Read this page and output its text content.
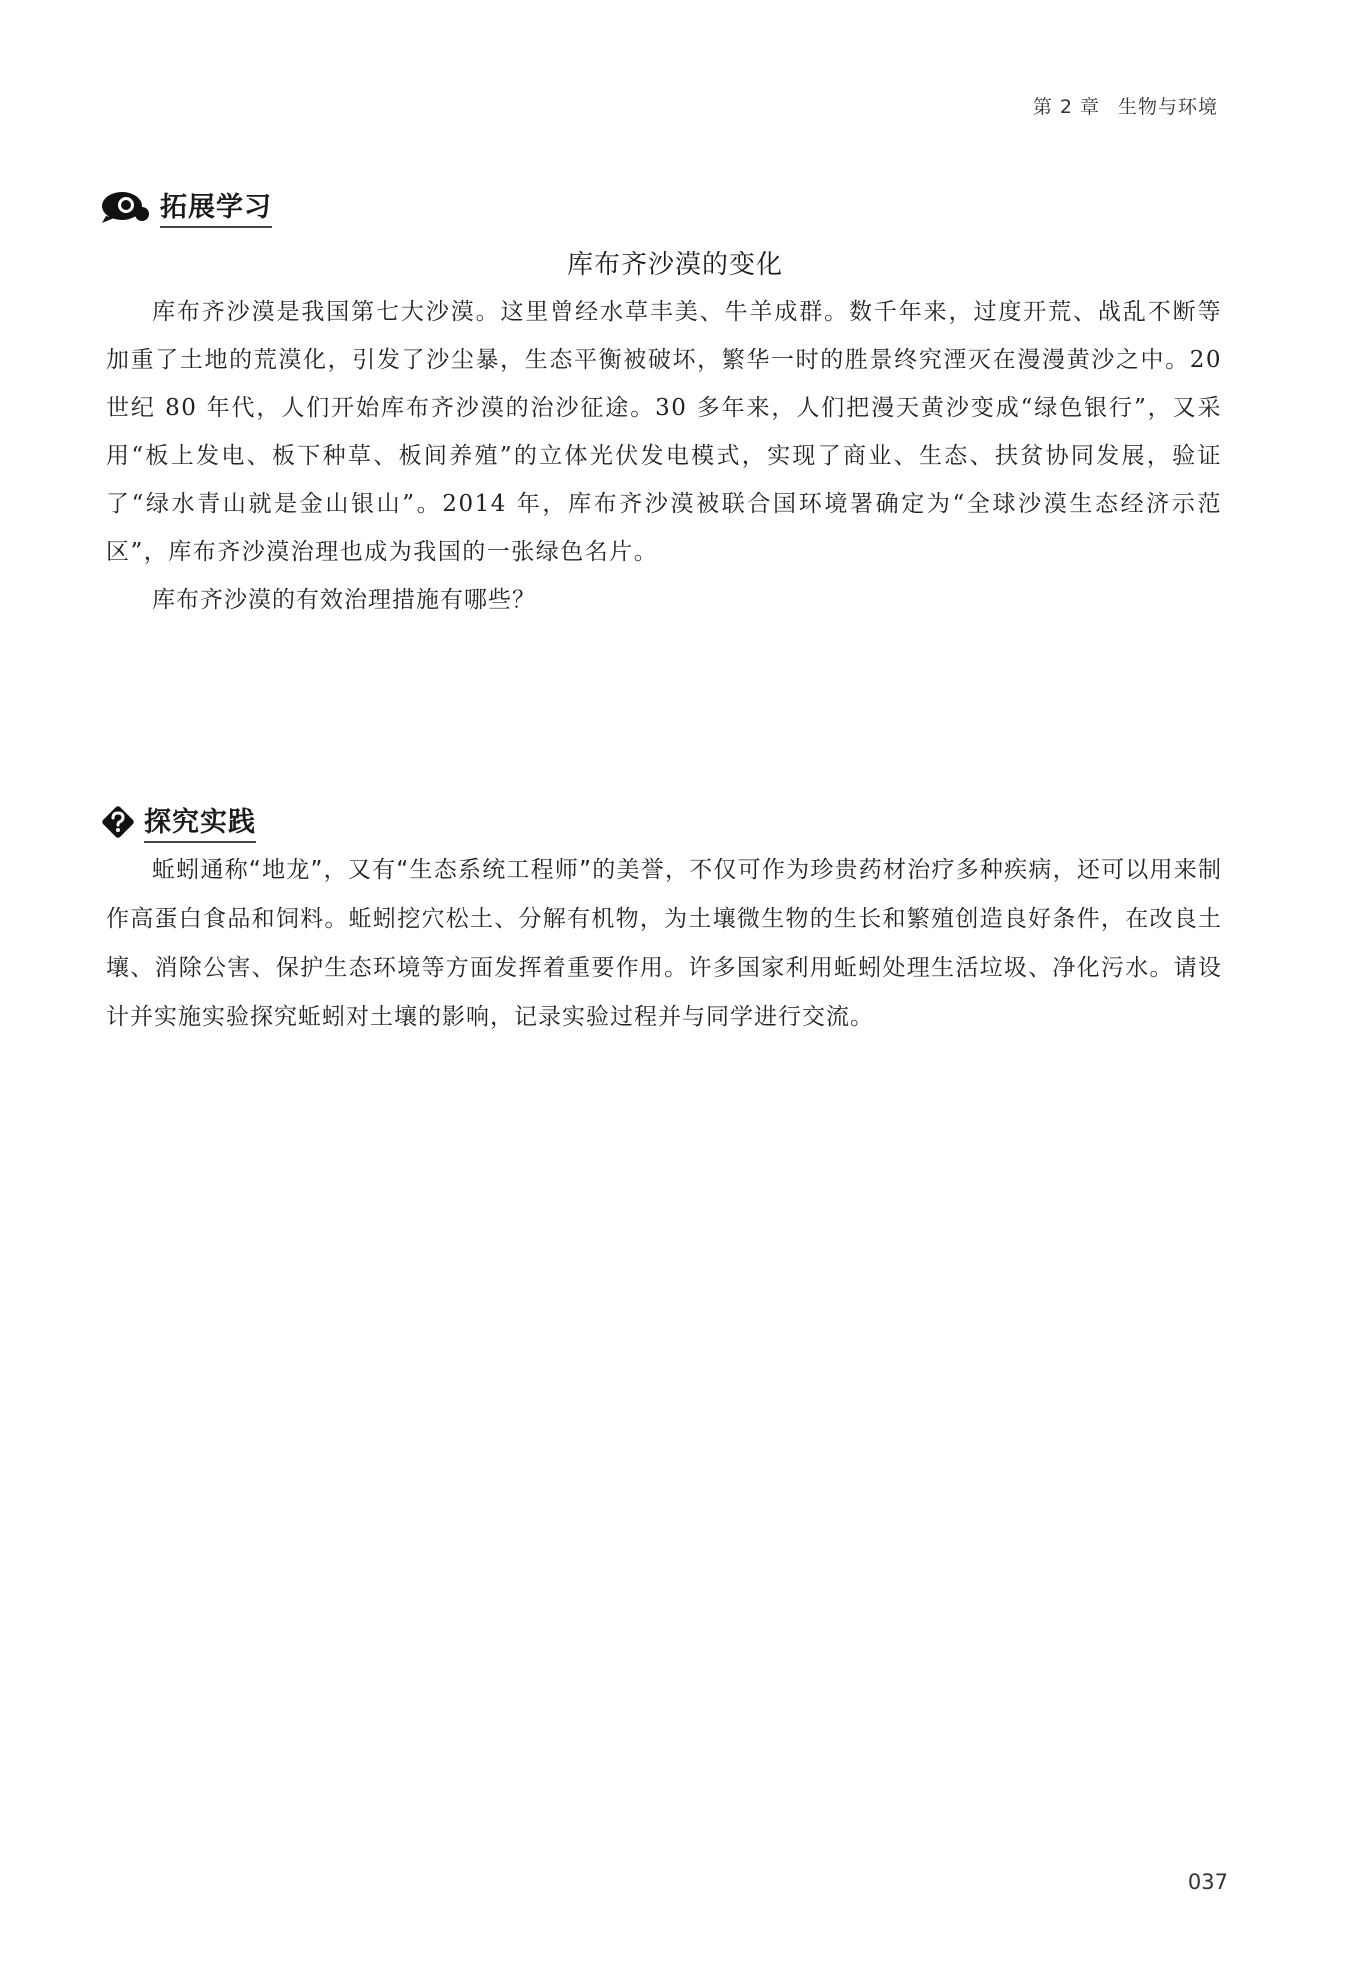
第 2 章 生物与环境
拓展学习
库布齐沙漠的变化

库布齐沙漠是我国第七大沙漠。这里曾经水草丰美、牛羊成群。数千年来，过度开荒、战乱不断等加重了土地的荒漠化，引发了沙尘暴，生态平衡被破坏，繁华一时的胜景终究湮灭在漫漫黄沙之中。20 世纪 80 年代，人们开始库布齐沙漠的治沙征途。30 多年来，人们把漫天黄沙变成“绿色银行”，又采用“板上发电、板下种草、板间养殖”的立体光伏发电模式，实现了商业、生态、扶贫协同发展，验证了“绿水青山就是金山银山”。2014 年，库布齐沙漠被联合国环境署确定为“全球沙漠生态经济示范区”，库布齐沙漠治理也成为我国的一张绿色名片。

库布齐沙漠的有效治理措施有哪些？

探究实践

蚯蚓通称“地龙”，又有“生态系统工程师”的美誉，不仅可作为珍贵药材治疗多种疾病，还可以用来制作高蛋白食品和饲料。蚯蚓挖穴松土、分解有机物，为土壤微生物的生长和繁殖创造良好条件，在改良土壤、消除公害、保护生态环境等方面发挥着重要作用。许多国家利用蚯蚓处理生活垃圾、净化污水。请设计并实施实验探究蚯蚓对土壤的影响，记录实验过程并与同学进行交流。

037
